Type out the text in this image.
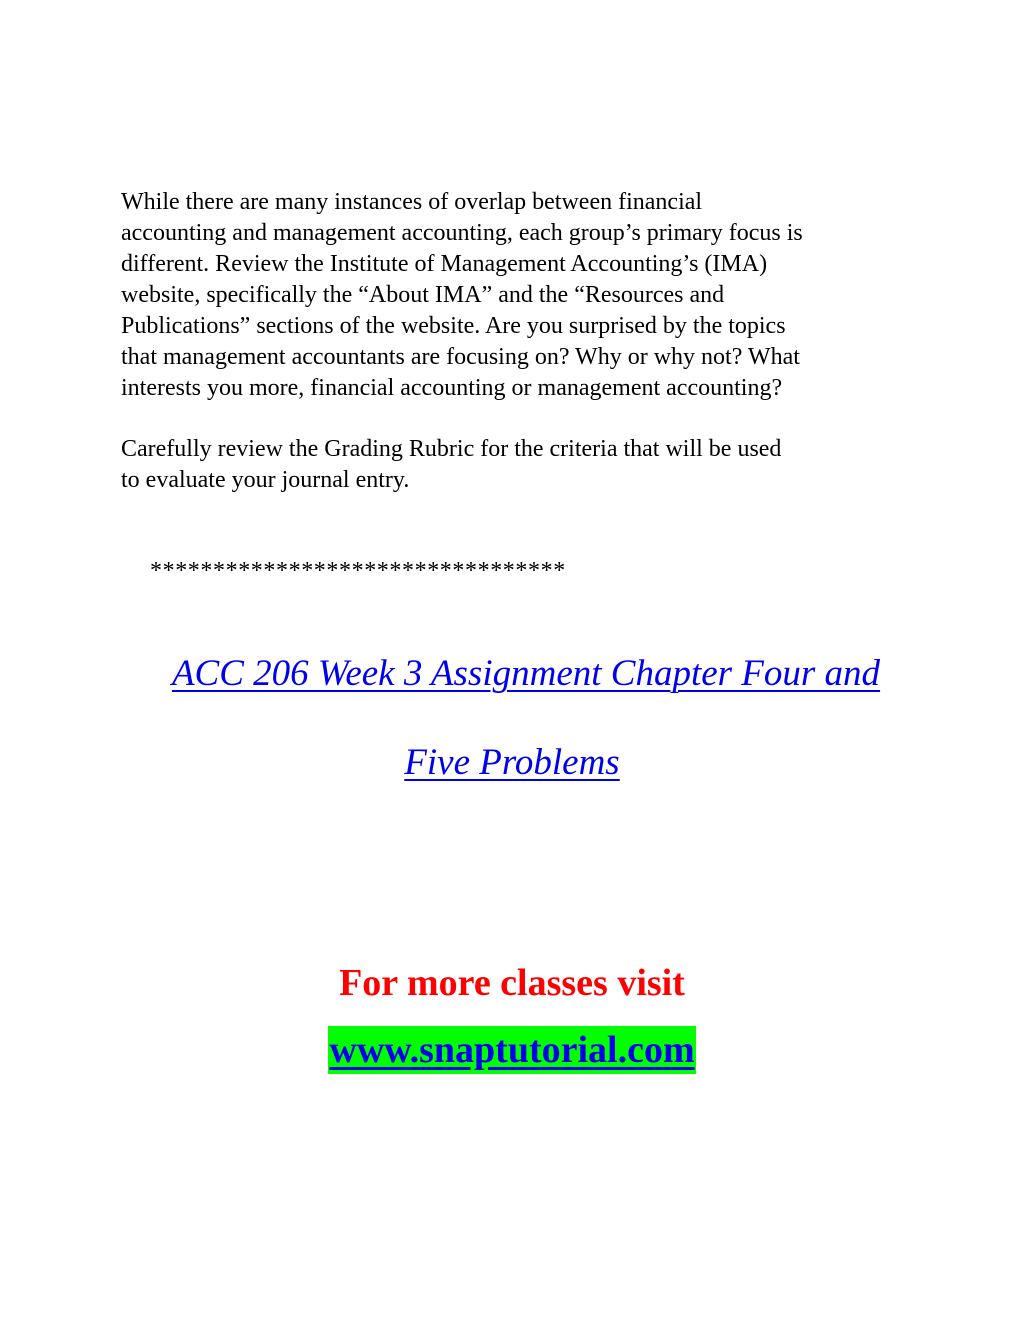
While there are many instances of overlap between financial
accounting and management accounting, each group’s primary focus is
different. Review the Institute of Management Accounting’s (IMA)
website, specifically the “About IMA” and the “Resources and
Publications” sections of the website. Are you surprised by the topics
that management accountants are focusing on? Why or why not? What
interests you more, financial accounting or management accounting?

Carefully review the Grading Rubric for the criteria that will be used
to evaluate your journal entry.

*********************************

ACC 206 Week 3 Assignment Chapter Four and

Five Problems

For more classes visit

www.snaptutorial.com
